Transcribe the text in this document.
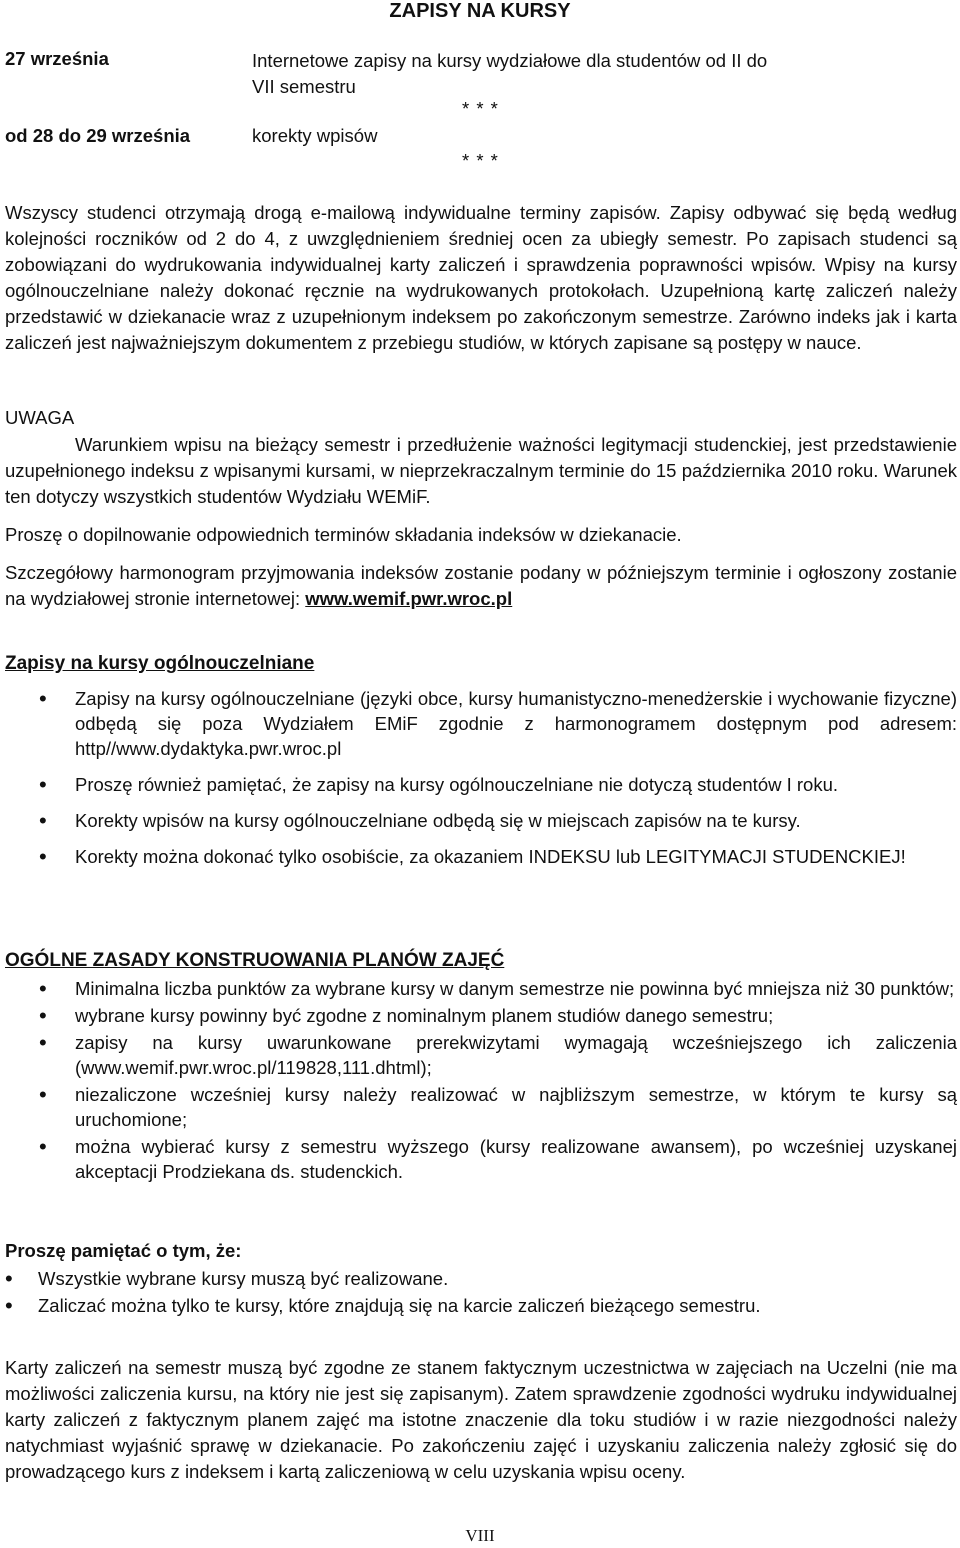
ZAPISY NA KURSY
27 września	Internetowe zapisy na kursy wydziałowe dla studentów od II do VII semestru
* * *
od 28 do 29 września	korekty wpisów
* * *

Wszyscy studenci otrzymają drogą e-mailową indywidualne terminy zapisów. Zapisy odbywać się będą według kolejności roczników od 2 do 4, z uwzględnieniem średniej ocen za ubiegły semestr. Po zapisach studenci są zobowiązani do wydrukowania indywidualnej karty zaliczeń i sprawdzenia poprawności wpisów. Wpisy na kursy ogólnouczelniane należy dokonać ręcznie na wydrukowanych protokołach. Uzupełnioną kartę zaliczeń należy przedstawić w dziekanacie wraz z uzupełnionym indeksem po zakończonym semestrze. Zarówno indeks jak i karta zaliczeń jest najważniejszym dokumentem z przebiegu studiów, w których zapisane są postępy w nauce.

UWAGA

Warunkiem wpisu na bieżący semestr i przedłużenie ważności legitymacji studenckiej, jest przedstawienie uzupełnionego indeksu z wpisanymi kursami, w nieprzekraczalnym terminie do 15 października 2010 roku. Warunek ten dotyczy wszystkich studentów Wydziału WEMiF.

Proszę o dopilnowanie odpowiednich terminów składania indeksów w dziekanacie.

Szczegółowy harmonogram przyjmowania indeksów zostanie podany w późniejszym terminie i ogłoszony zostanie na wydziałowej stronie internetowej: www.wemif.pwr.wroc.pl

Zapisy na kursy ogólnouczelniane
• Zapisy na kursy ogólnouczelniane (języki obce, kursy humanistyczno-menedżerskie i wychowanie fizyczne) odbędą się poza Wydziałem EMiF zgodnie z harmonogramem dostępnym pod adresem: http//www.dydaktyka.pwr.wroc.pl
• Proszę również pamiętać, że zapisy na kursy ogólnouczelniane nie dotyczą studentów I roku.
• Korekty wpisów na kursy ogólnouczelniane odbędą się w miejscach zapisów na te kursy.
• Korekty można dokonać tylko osobiście, za okazaniem INDEKSU lub LEGITYMACJI STUDENCKIEJ!
OGÓLNE ZASADY KONSTRUOWANIA PLANÓW ZAJĘĆ
• Minimalna liczba punktów za wybrane kursy w danym semestrze nie powinna być mniejsza niż 30 punktów;
• wybrane kursy powinny być zgodne z nominalnym planem studiów danego semestru;
• zapisy na kursy uwarunkowane prerekwizytami wymagają wcześniejszego ich zaliczenia (www.wemif.pwr.wroc.pl/119828,111.dhtml);
• niezaliczone wcześniej kursy należy realizować w najbliższym semestrze, w którym te kursy są uruchomione;
• można wybierać kursy z semestru wyższego (kursy realizowane awansem), po wcześniej uzyskanej akceptacji Prodziekana ds. studenckich.
Proszę pamiętać o tym, że:
• Wszystkie wybrane kursy muszą być realizowane.
• Zaliczać można tylko te kursy, które znajdują się na karcie zaliczeń bieżącego semestru.

Karty zaliczeń na semestr muszą być zgodne ze stanem faktycznym uczestnictwa w zajęciach na Uczelni (nie ma możliwości zaliczenia kursu, na który nie jest się zapisanym). Zatem sprawdzenie zgodności wydruku indywidualnej karty zaliczeń z faktycznym planem zajęć ma istotne znaczenie dla toku studiów i w razie niezgodności należy natychmiast wyjaśnić sprawę w dziekanacie. Po zakończeniu zajęć i uzyskaniu zaliczenia należy zgłosić się do prowadzącego kurs z indeksem i kartą zaliczeniową w celu uzyskania wpisu oceny.

VIII
